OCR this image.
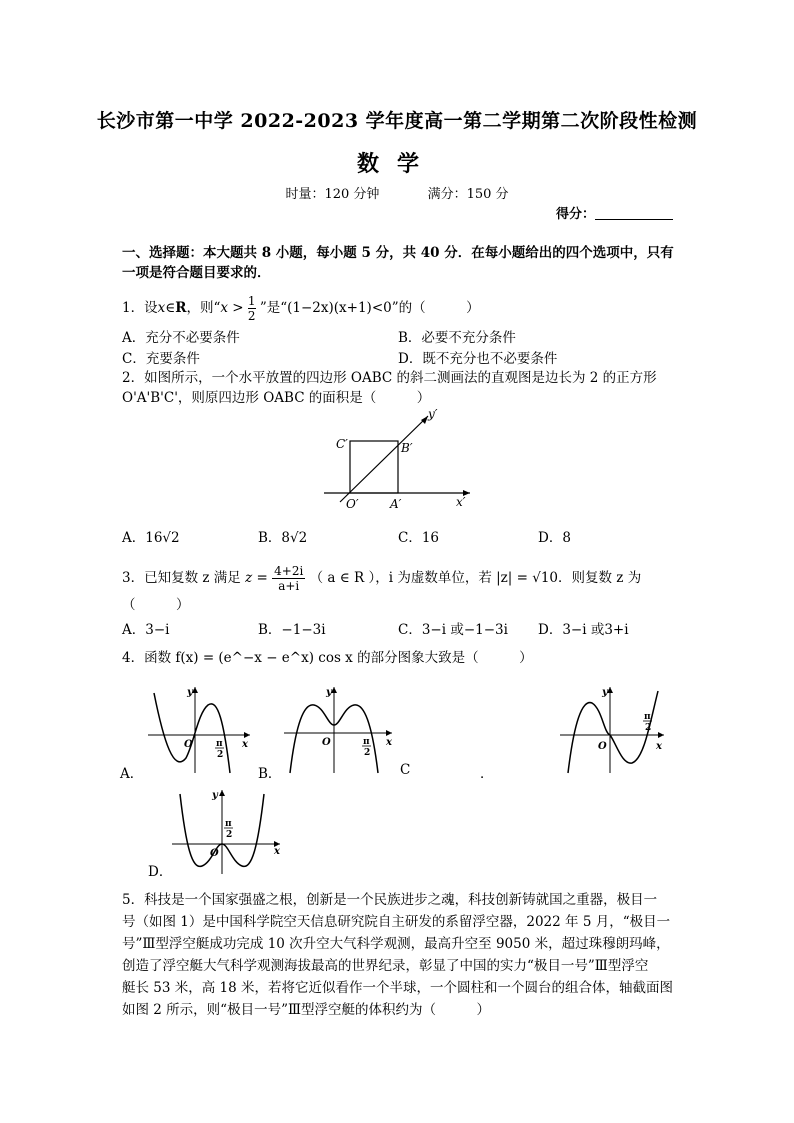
长沙市第一中学 2022-2023 学年度高一第二学期第二次阶段性检测
数学
时量：120 分钟	满分：150 分
得分：
一、选择题：本大题共 8 小题，每小题 5 分，共 40 分．在每小题给出的四个选项中，只有
一项是符合题目要求的．
1．设x∈R，则“$x > \frac{1}{2}$ ”是“(1−2x)(x+1)<0”的（　　　）
A．充分不必要条件	B．必要不充分条件
C．充要条件	D．既不充分也不必要条件
2．如图所示，一个水平放置的四边形 OABC 的斜二测画法的直观图是边长为 2 的正方形
O'A'B'C'，则原四边形 OABC 的面积是（　　　）
C′	B′
O′	A′	x′
y′
A．16√2	B．8√2	C．16	D．8
3．已知复数 z 满足 $z = \frac{4+2i}{a+i}$ （ a ∈ R ），i 为虚数单位，若 |z| = √10．则复数 z 为
（　　　）
A．3−i	B．−1−3i	C．3−i 或−1−3i D．3−i 或3+i
4．函数 f(x) = (e^−x − e^x) cos x 的部分图象大致是（　　　）
y
x
O	π
2
A．
y
x
O	π
2
B．	C	．
y
x
O
π
2
y
x
O
π
2
D．
5．科技是一个国家强盛之根，创新是一个民族进步之魂，科技创新铸就国之重器，极目一
号（如图 1）是中国科学院空天信息研究院自主研发的系留浮空器，2022 年 5 月，“极目一
号”Ⅲ型浮空艇成功完成 10 次升空大气科学观测，最高升空至 9050 米，超过珠穆朗玛峰，
创造了浮空艇大气科学观测海拔最高的世界纪录，彰显了中国的实力“极目一号”Ⅲ型浮空
艇长 53 米，高 18 米，若将它近似看作一个半球，一个圆柱和一个圆台的组合体，轴截面图
如图 2 所示，则“极目一号”Ⅲ型浮空艇的体积约为（　　　）
